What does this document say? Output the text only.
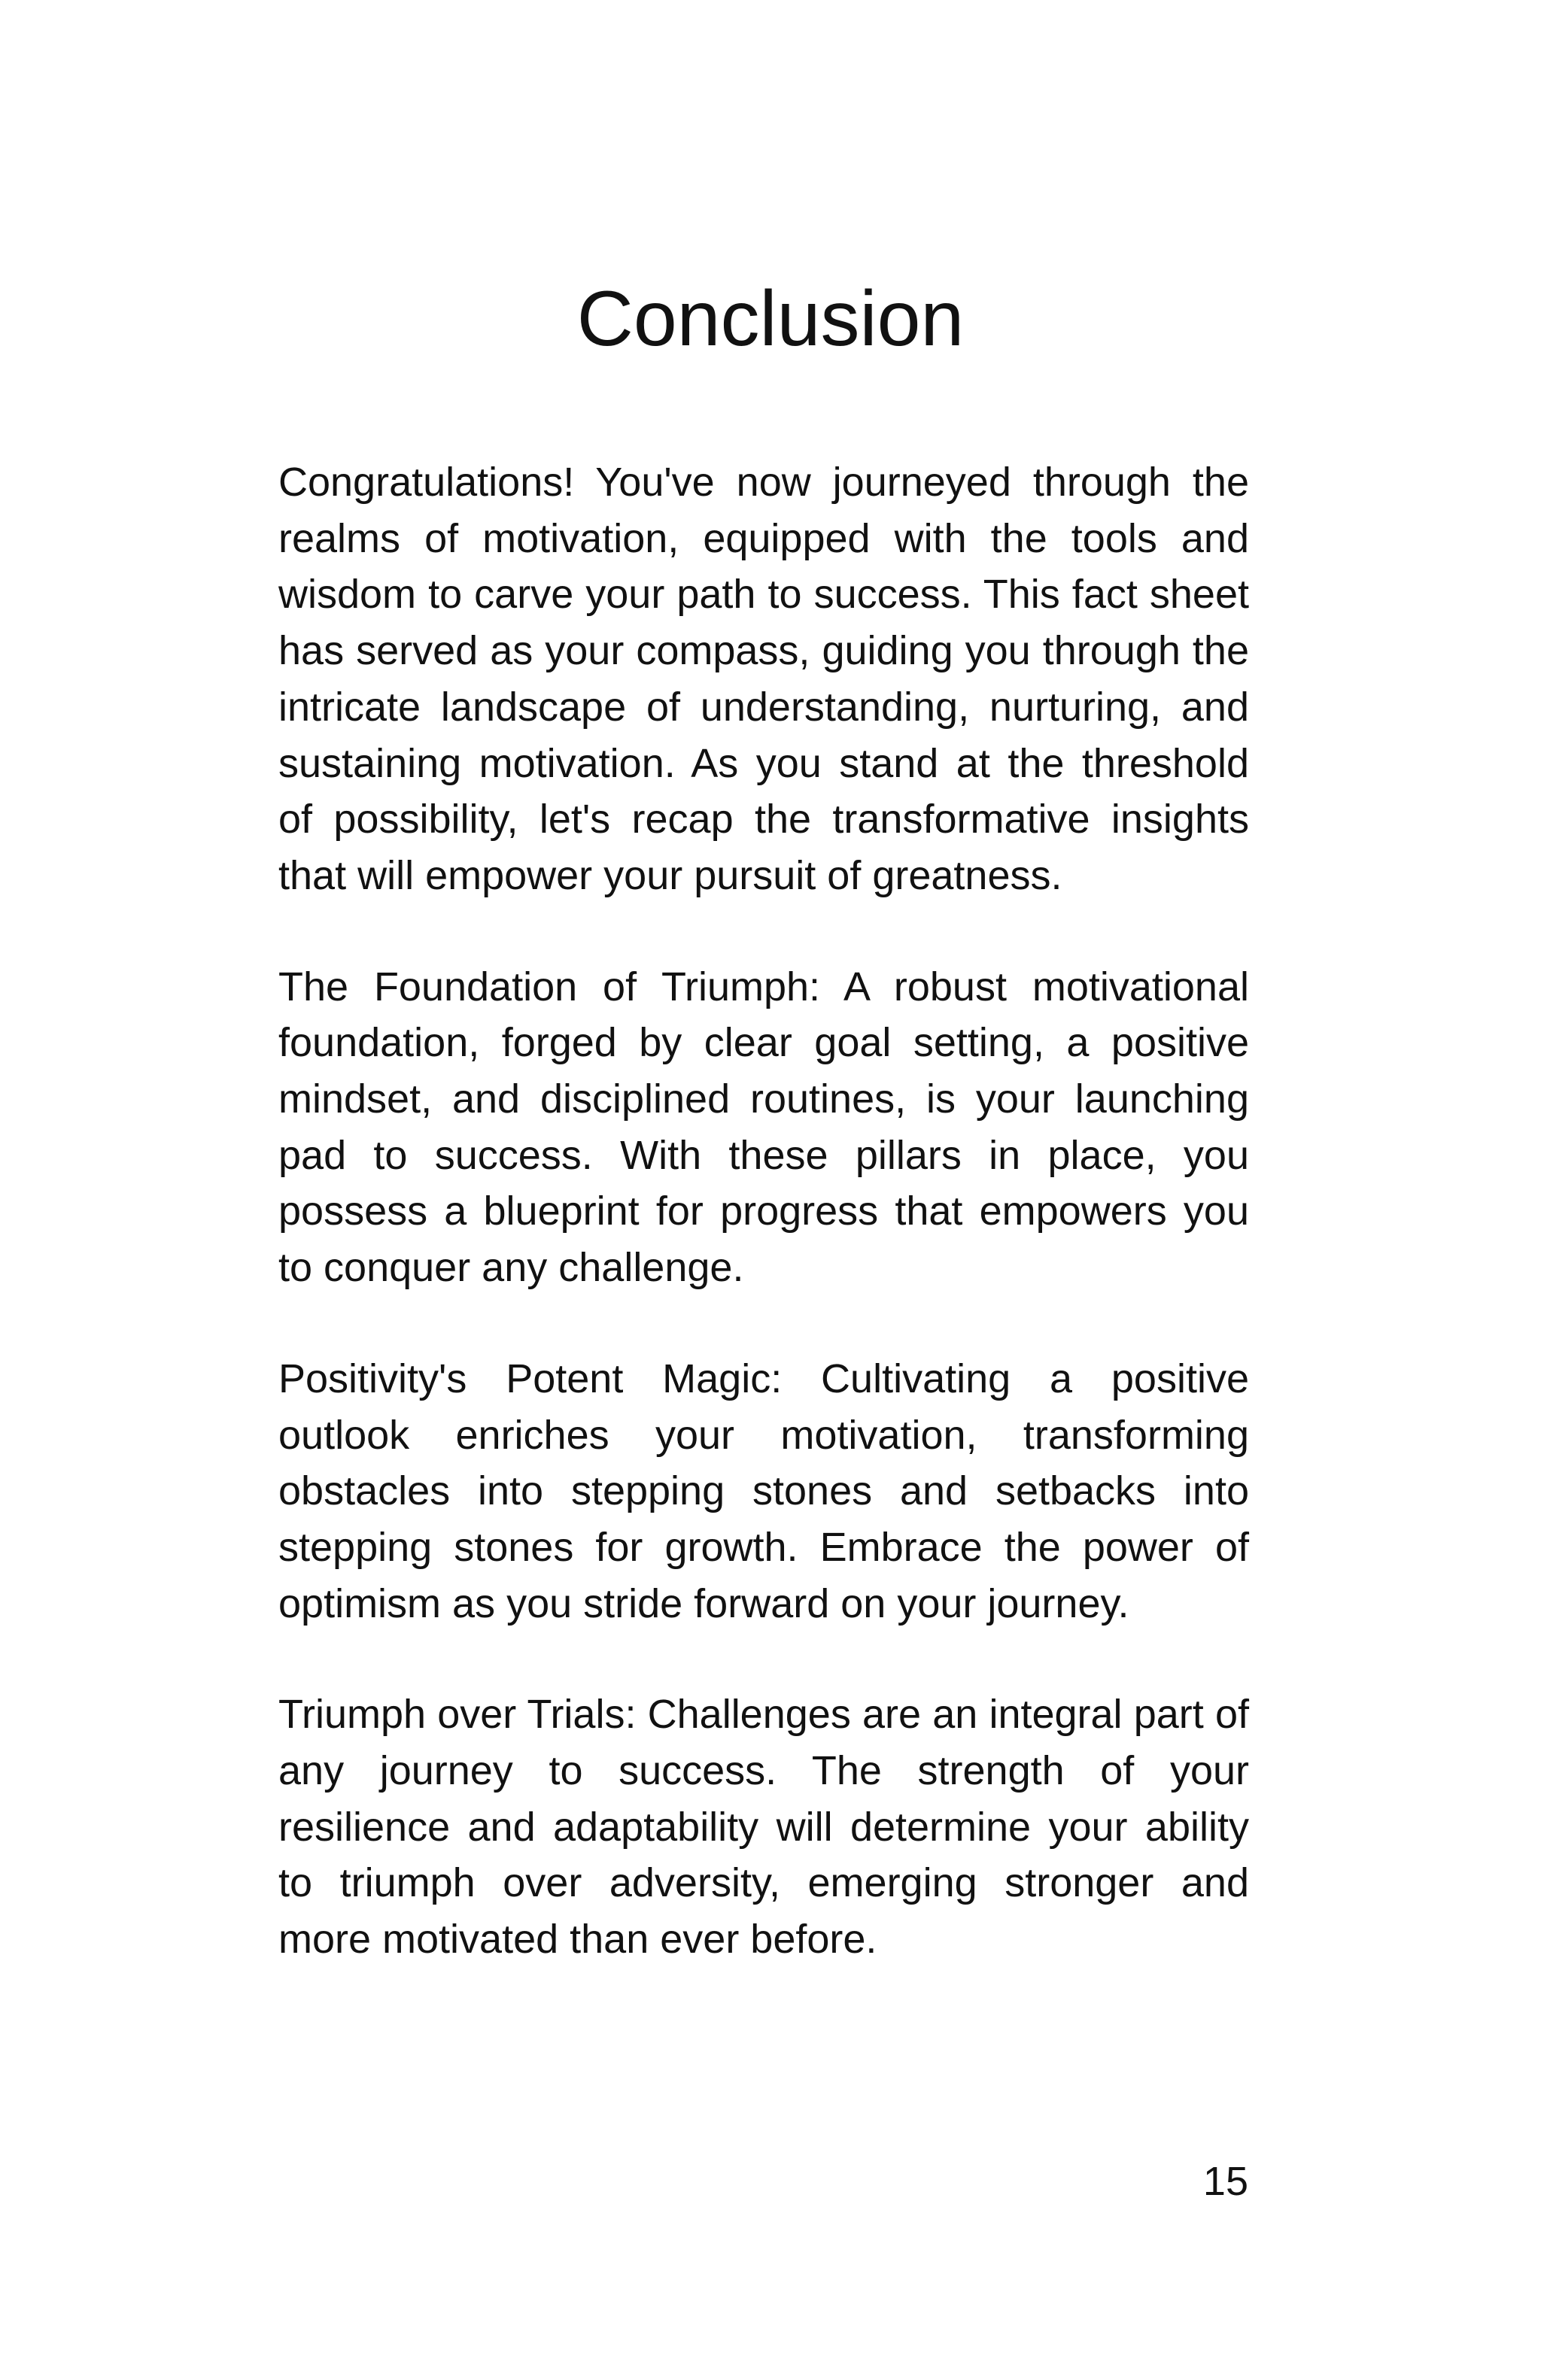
Conclusion

Congratulations! You've now journeyed through the realms of motivation, equipped with the tools and wisdom to carve your path to success. This fact sheet has served as your compass, guiding you through the intricate landscape of understanding, nurturing, and sustaining motivation. As you stand at the threshold of possibility, let's recap the transformative insights that will empower your pursuit of greatness.

The Foundation of Triumph: A robust motivational foundation, forged by clear goal setting, a positive mindset, and disciplined routines, is your launching pad to success. With these pillars in place, you possess a blueprint for progress that empowers you to conquer any challenge.

Positivity's Potent Magic: Cultivating a positive outlook enriches your motivation, transforming obstacles into stepping stones and setbacks into stepping stones for growth. Embrace the power of optimism as you stride forward on your journey.

Triumph over Trials: Challenges are an integral part of any journey to success. The strength of your resilience and adaptability will determine your ability to triumph over adversity, emerging stronger and more motivated than ever before.

15
